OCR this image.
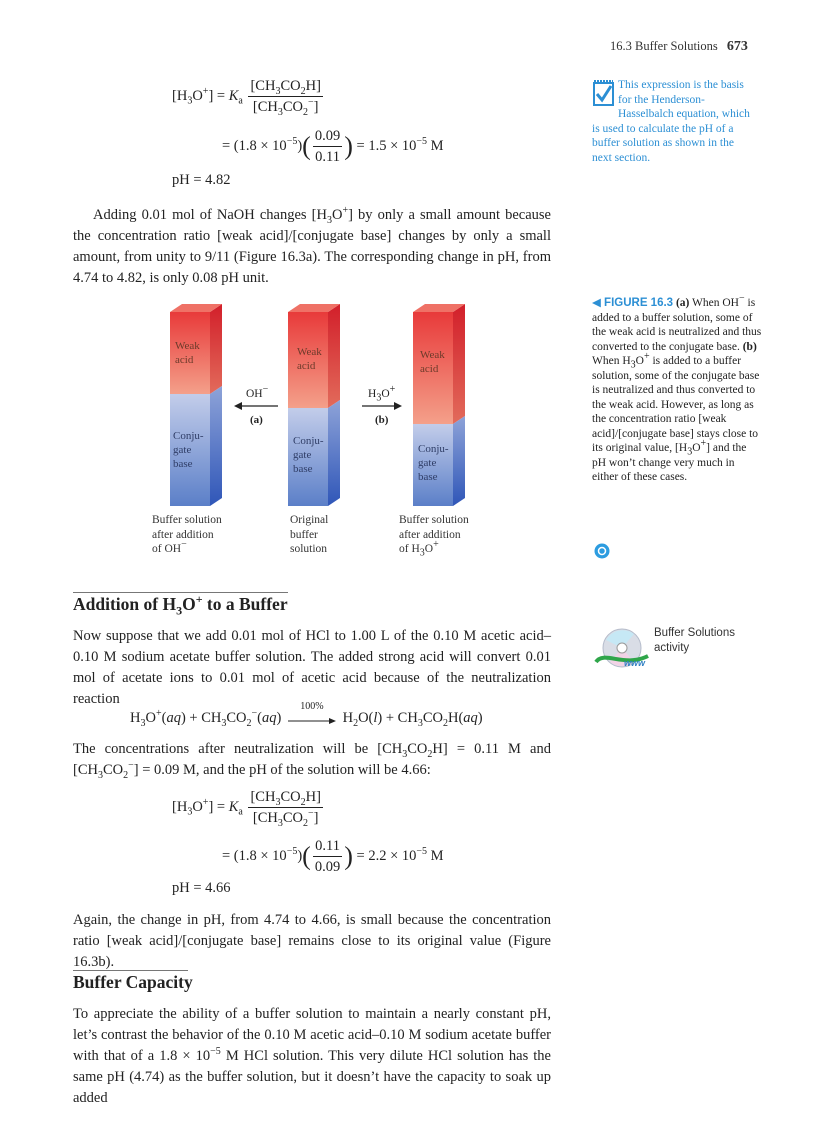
16.3 Buffer Solutions 673
$[H_3O^+] = K_a \frac{[CH_3CO_2H]}{[CH_3CO_2^-]}$
= $(1.8 \times 10^{-5})( \frac{0.09}{0.11}$ ) = $1.5 \times 10^{-5}$ M
pH = 4.82
Adding 0.01 mol of NaOH changes $[H_3O^+]$ by only a small amount because the concentration ratio [weak acid]/[conjugate base] changes by only a small amount, from unity to 9/11 (Figure 16.3a). The corresponding change in pH, from 4.74 to 4.82, is only 0.08 pH unit.
This expression is the basis
for the Henderson-
Hasselbalch equation, which
is used to calculate the pH of a
buffer solution as shown in the
next section.
Weak
acid
Conju-
gate
base
Weak
acid
Conju-
gate
base
Weak
acid
Conju-
gate
base
OH−
(a)
$H_3O^+$
(b)
Buffer solution
after addition
of OH−
Original
buffer
solution
Buffer solution
after addition
of $H_3O^+$
◀ FIGURE 16.3 (a) When OH− is added to a buffer solution, some of the weak acid is neutralized and thus converted to the conjugate base. (b) When $H_3O^+$ is added to a buffer solution, some of the conjugate base is neutralized and thus converted to the weak acid. However, as long as the concentration ratio [weak acid]/[conjugate base] stays close to its original value, $[H_3O^+]$ and the pH won’t change very much in either of these cases.
Addition of $H_3O^+$ to a Buffer
Now suppose that we add 0.01 mol of HCl to 1.00 L of the 0.10 M acetic acid–0.10 M sodium acetate buffer solution. The added strong acid will convert 0.01 mol of acetate ions to 0.01 mol of acetic acid because of the neutralization reaction
$H_3O^+(aq) + CH_3CO_2^-(aq)$
100%
$H_2O(l) + CH_3CO_2H(aq)$
The concentrations after neutralization will be $[CH_3CO_2H] = 0.11$ M and $[CH_3CO_2^-] = 0.09$ M, and the pH of the solution will be 4.66:
$[H_3O^+] = K_a \frac{[CH_3CO_2H]}{[CH_3CO_2^-]}$
= $(1.8 \times 10^{-5})( \frac{0.11}{0.09}$ ) = $2.2 \times 10^{-5}$ M
pH = 4.66
Again, the change in pH, from 4.74 to 4.66, is small because the concentration ratio [weak acid]/[conjugate base] remains close to its original value (Figure 16.3b).
Buffer Capacity
To appreciate the ability of a buffer solution to maintain a nearly constant pH, let’s contrast the behavior of the 0.10 M acetic acid–0.10 M sodium acetate buffer with that of a $1.8 \times 10^{-5}$ M HCl solution. This very dilute HCl solution has the same pH (4.74) as the buffer solution, but it doesn’t have the capacity to soak up added
www
Buffer Solutions
activity
